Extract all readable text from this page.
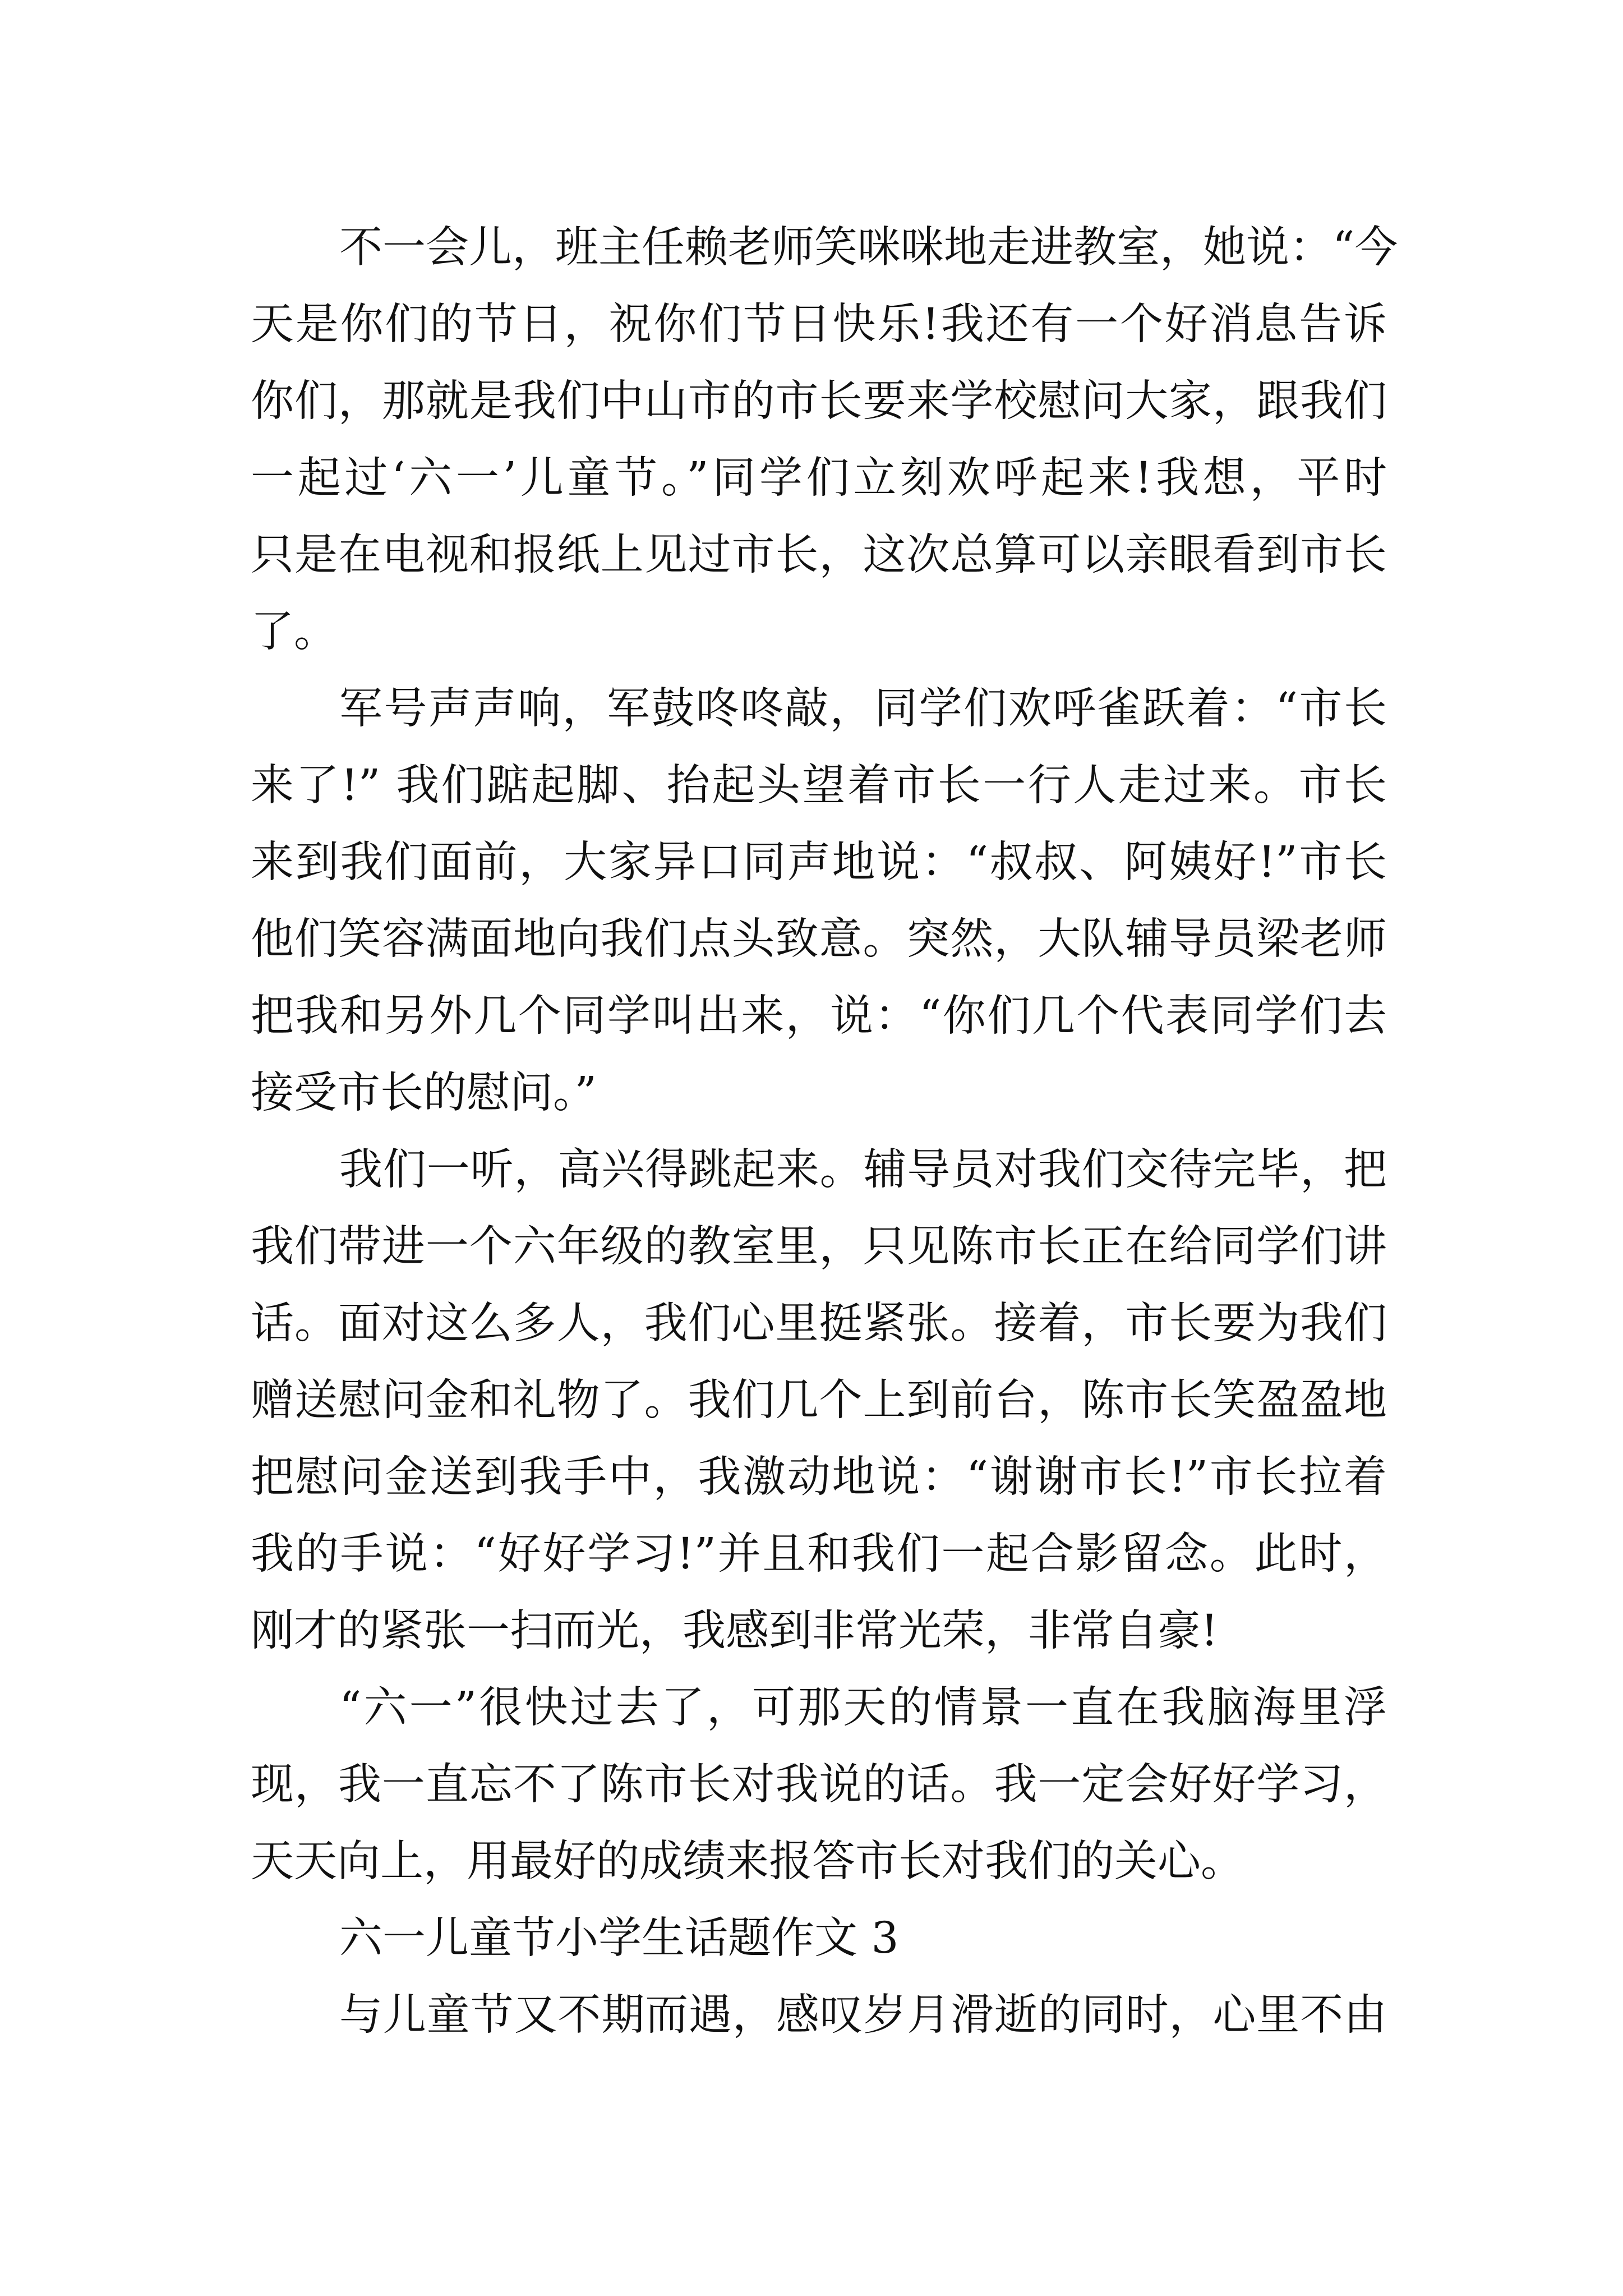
不一会儿，班主任赖老师笑咪咪地走进教室，她说：“今
天是你们的节日，祝你们节日快乐!我还有一个好消息告诉
你们，那就是我们中山市的市长要来学校慰问大家，跟我们
一起过‘六一’儿童节。”同学们立刻欢呼起来!我想，平时
只是在电视和报纸上见过市长，这次总算可以亲眼看到市长
了。
军号声声响，军鼓咚咚敲，同学们欢呼雀跃着：“市长
来了!” 我们踮起脚、抬起头望着市长一行人走过来。市长
来到我们面前，大家异口同声地说：“叔叔、阿姨好!”市长
他们笑容满面地向我们点头致意。突然，大队辅导员梁老师
把我和另外几个同学叫出来，说：“你们几个代表同学们去
接受市长的慰问。”
我们一听，高兴得跳起来。辅导员对我们交待完毕，把
我们带进一个六年级的教室里，只见陈市长正在给同学们讲
话。面对这么多人，我们心里挺紧张。接着，市长要为我们
赠送慰问金和礼物了。我们几个上到前台，陈市长笑盈盈地
把慰问金送到我手中，我激动地说：“谢谢市长!”市长拉着
我的手说：“好好学习!”并且和我们一起合影留念。此时，
刚才的紧张一扫而光，我感到非常光荣，非常自豪!
“六一”很快过去了，可那天的情景一直在我脑海里浮
现，我一直忘不了陈市长对我说的话。我一定会好好学习，
天天向上，用最好的成绩来报答市长对我们的关心。
六一儿童节小学生话题作文 3
与儿童节又不期而遇，感叹岁月滑逝的同时，心里不由
